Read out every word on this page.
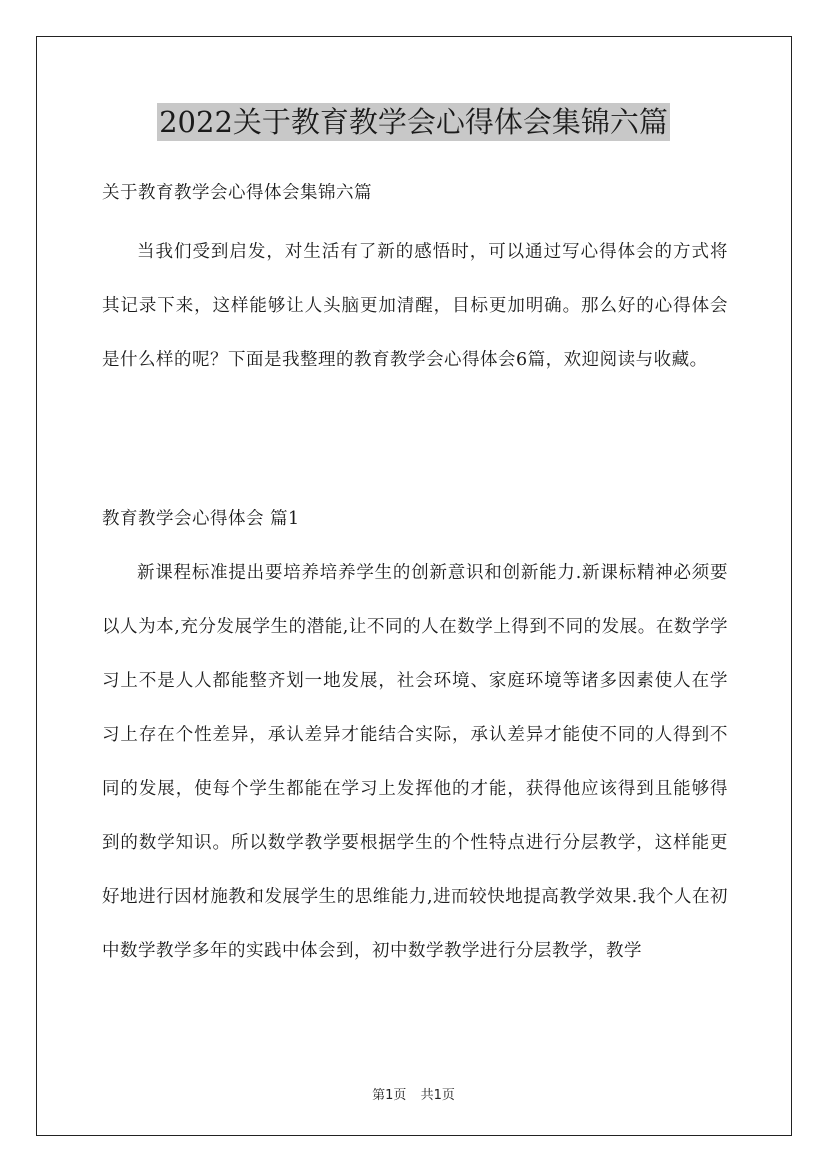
2022关于教育教学会心得体会集锦六篇
关于教育教学会心得体会集锦六篇

当我们受到启发，对生活有了新的感悟时，可以通过写心得体会的方式将其记录下来，这样能够让人头脑更加清醒，目标更加明确。那么好的心得体会是什么样的呢？下面是我整理的教育教学会心得体会6篇，欢迎阅读与收藏。

教育教学会心得体会 篇1

新课程标准提出要培养培养学生的创新意识和创新能力.新课标精神必须要以人为本,充分发展学生的潜能,让不同的人在数学上得到不同的发展。在数学学习上不是人人都能整齐划一地发展，社会环境、家庭环境等诸多因素使人在学习上存在个性差异，承认差异才能结合实际，承认差异才能使不同的人得到不同的发展，使每个学生都能在学习上发挥他的才能，获得他应该得到且能够得到的数学知识。所以数学教学要根据学生的个性特点进行分层教学，这样能更好地进行因材施教和发展学生的思维能力,进而较快地提高教学效果.我个人在初中数学教学多年的实践中体会到，初中数学教学进行分层教学，教学

第1页 共1页
